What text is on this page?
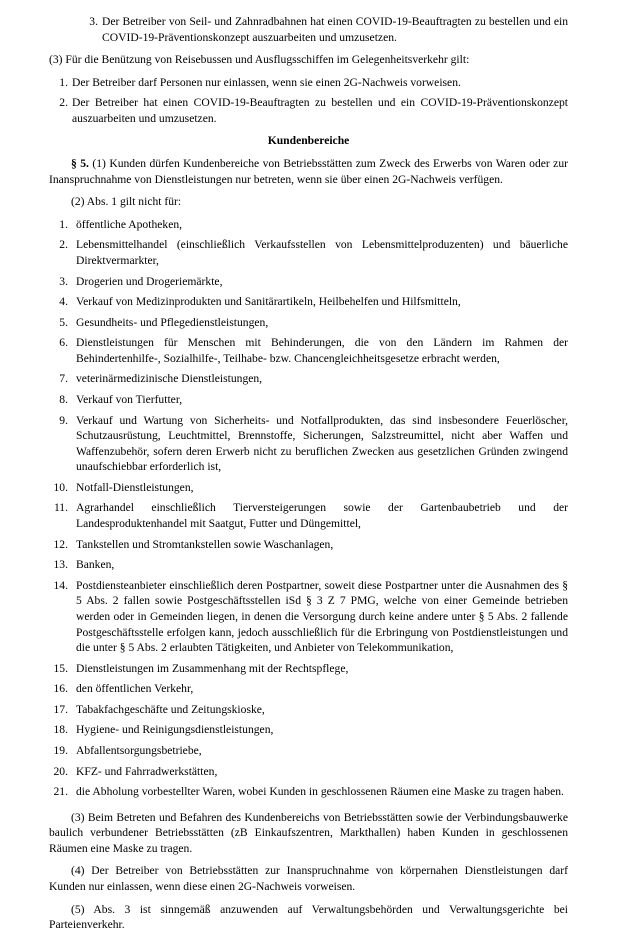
3. Der Betreiber von Seil- und Zahnradbahnen hat einen COVID-19-Beauftragten zu bestellen und ein COVID-19-Präventionskonzept auszuarbeiten und umzusetzen.

(3) Für die Benützung von Reisebussen und Ausflugsschiffen im Gelegenheitsverkehr gilt:

1. Der Betreiber darf Personen nur einlassen, wenn sie einen 2G-Nachweis vorweisen.
2. Der Betreiber hat einen COVID-19-Beauftragten zu bestellen und ein COVID-19-Präventionskonzept auszuarbeiten und umzusetzen.
Kundenbereiche

§ 5. (1) Kunden dürfen Kundenbereiche von Betriebsstätten zum Zweck des Erwerbs von Waren oder zur Inanspruchnahme von Dienstleistungen nur betreten, wenn sie über einen 2G-Nachweis verfügen.

(2) Abs. 1 gilt nicht für:

1. öffentliche Apotheken,
2. Lebensmittelhandel (einschließlich Verkaufsstellen von Lebensmittelproduzenten) und bäuerliche Direktvermarkter,
3. Drogerien und Drogeriemärkte,
4. Verkauf von Medizinprodukten und Sanitärartikeln, Heilbehelfen und Hilfsmitteln,
5. Gesundheits- und Pflegedienstleistungen,
6. Dienstleistungen für Menschen mit Behinderungen, die von den Ländern im Rahmen der Behindertenhilfe-, Sozialhilfe-, Teilhabe- bzw. Chancengleichheitsgesetze erbracht werden,
7. veterinärmedizinische Dienstleistungen,
8. Verkauf von Tierfutter,
9. Verkauf und Wartung von Sicherheits- und Notfallprodukten, das sind insbesondere Feuerlöscher, Schutzausrüstung, Leuchtmittel, Brennstoffe, Sicherungen, Salzstreumittel, nicht aber Waffen und Waffenzubehör, sofern deren Erwerb nicht zu beruflichen Zwecken aus gesetzlichen Gründen zwingend unaufschiebbar erforderlich ist,
10. Notfall-Dienstleistungen,
11. Agrarhandel einschließlich Tierversteigerungen sowie der Gartenbaubetrieb und der Landesproduktenhandel mit Saatgut, Futter und Düngemittel,
12. Tankstellen und Stromtankstellen sowie Waschanlagen,
13. Banken,
14. Postdiensteanbieter einschließlich deren Postpartner, soweit diese Postpartner unter die Ausnahmen des § 5 Abs. 2 fallen sowie Postgeschäftsstellen iSd § 3 Z 7 PMG, welche von einer Gemeinde betrieben werden oder in Gemeinden liegen, in denen die Versorgung durch keine andere unter § 5 Abs. 2 fallende Postgeschäftsstelle erfolgen kann, jedoch ausschließlich für die Erbringung von Postdienstleistungen und die unter § 5 Abs. 2 erlaubten Tätigkeiten, und Anbieter von Telekommunikation,
15. Dienstleistungen im Zusammenhang mit der Rechtspflege,
16. den öffentlichen Verkehr,
17. Tabakfachgeschäfte und Zeitungskioske,
18. Hygiene- und Reinigungsdienstleistungen,
19. Abfallentsorgungsbetriebe,
20. KFZ- und Fahrradwerkstätten,
21. die Abholung vorbestellter Waren, wobei Kunden in geschlossenen Räumen eine Maske zu tragen haben.

(3) Beim Betreten und Befahren des Kundenbereichs von Betriebsstätten sowie der Verbindungsbauwerke baulich verbundener Betriebsstätten (zB Einkaufszentren, Markthallen) haben Kunden in geschlossenen Räumen eine Maske zu tragen.

(4) Der Betreiber von Betriebsstätten zur Inanspruchnahme von körpernahen Dienstleistungen darf Kunden nur einlassen, wenn diese einen 2G-Nachweis vorweisen.

(5) Abs. 3 ist sinngemäß anzuwenden auf Verwaltungsbehörden und Verwaltungsgerichte bei Parteienverkehr.
